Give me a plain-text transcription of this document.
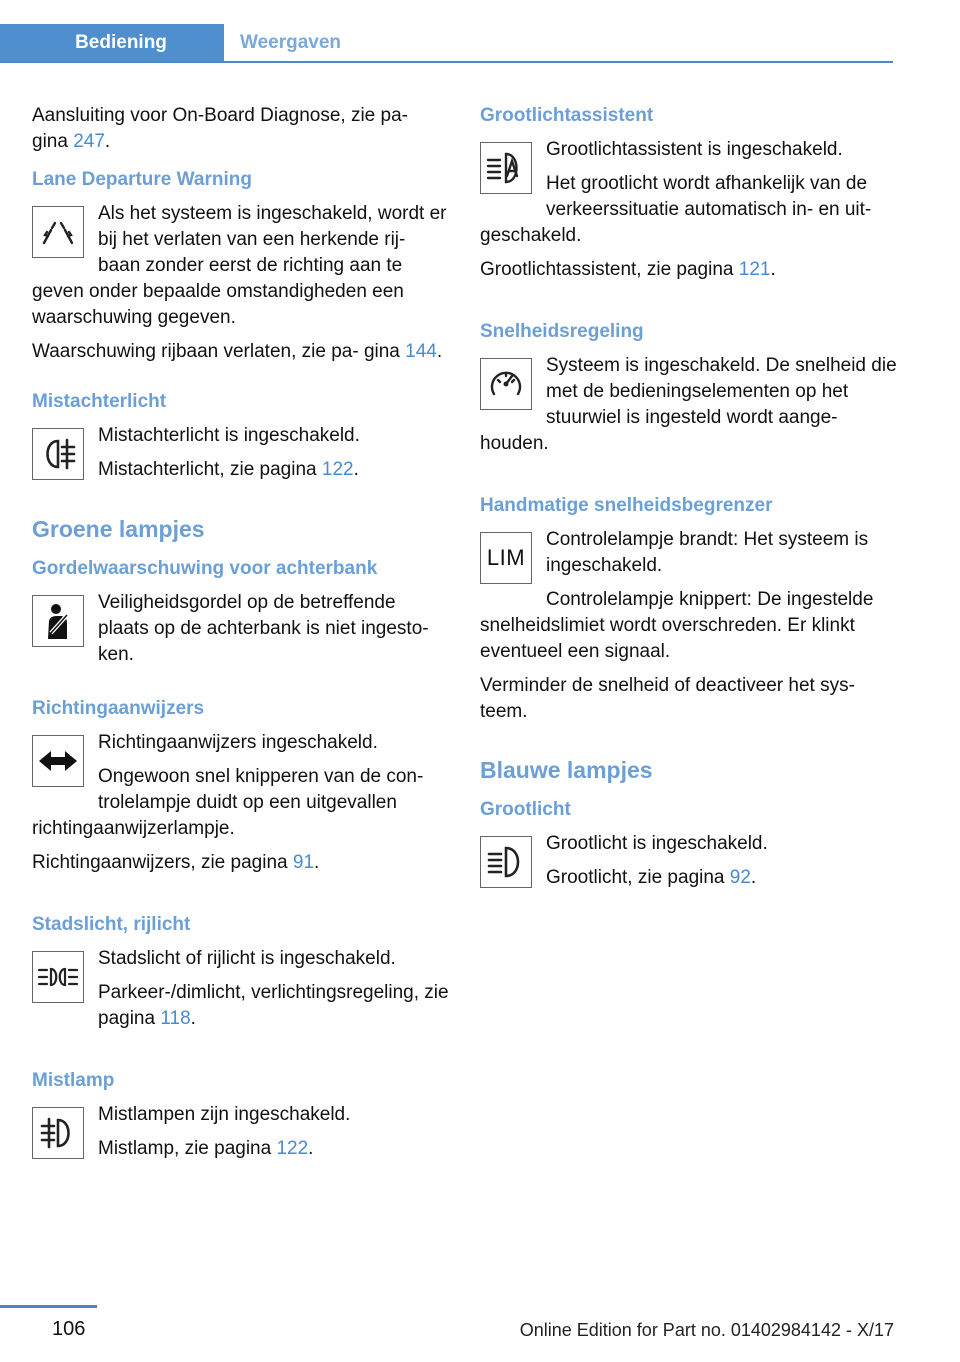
Bediening	Weergaven

Aansluiting voor On-Board Diagnose, zie pa‐
gina 247.

Lane Departure Warning

Als het systeem is ingeschakeld, wordt er bij het verlaten van een herkende rij‐ baan zonder eerst de richting aan te geven onder bepaalde omstandigheden een waarschuwing gegeven.

Waarschuwing rijbaan verlaten, zie pa‐ gina 144.

Mistachterlicht

Mistachterlicht is ingeschakeld.

Mistachterlicht, zie pagina 122.

Groene lampjes

Gordelwaarschuwing voor achterbank

Veiligheidsgordel op de betreffende plaats op de achterbank is niet ingesto‐ ken.

Richtingaanwijzers

Richtingaanwijzers ingeschakeld.

Ongewoon snel knipperen van de con‐ trolelampje duidt op een uitgevallen richtingaanwijzerlampje.

Richtingaanwijzers, zie pagina 91.

Stadslicht, rijlicht

Stadslicht of rijlicht is ingeschakeld.

Parkeer-/dimlicht, verlichtingsregeling, zie pagina 118.

Mistlamp

Mistlampen zijn ingeschakeld.

Mistlamp, zie pagina 122.

Grootlichtassistent

Grootlichtassistent is ingeschakeld.

Het grootlicht wordt afhankelijk van de verkeerssituatie automatisch in- en uit‐ geschakeld.

Grootlichtassistent, zie pagina 121.

Snelheidsregeling

Systeem is ingeschakeld. De snelheid die met de bedieningselementen op het stuurwiel is ingesteld wordt aange‐ houden.

Handmatige snelheidsbegrenzer

LIM

Controlelampje brandt: Het systeem is ingeschakeld.

Controlelampje knippert: De ingestelde snelheidslimiet wordt overschreden. Er klinkt eventueel een signaal.

Verminder de snelheid of deactiveer het sys‐ teem.

Blauwe lampjes

Grootlicht

Grootlicht is ingeschakeld.

Grootlicht, zie pagina 92.

106	Online Edition for Part no. 01402984142 - X/17
